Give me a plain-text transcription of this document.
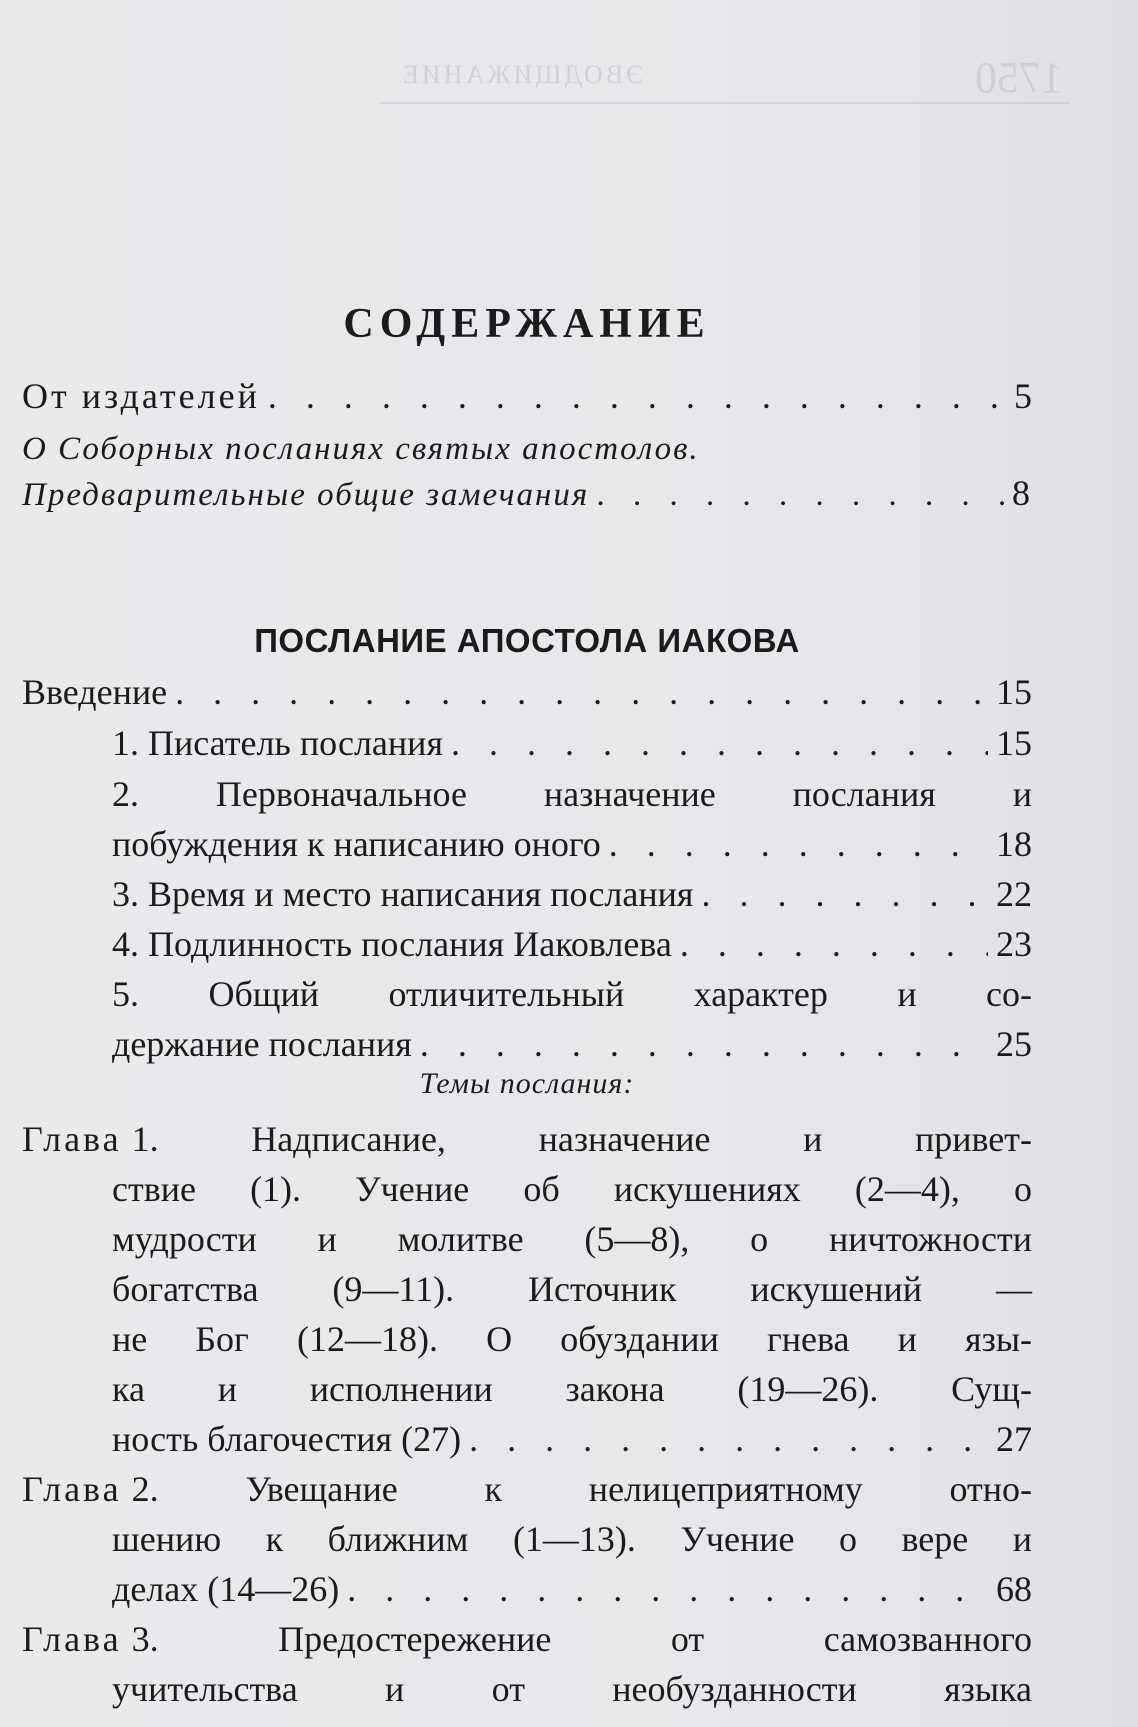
ЭВОДЩИЖАНИЕ	1750
СОДЕРЖАНИЕ
От издателей . . .	5
О Соборных посланиях святых апостолов.
Предварительные общие замечания . . .	8
ПОСЛАНИЕ АПОСТОЛА ИАКОВА
Введение . . .	15
1. Писатель послания . . .	15
2. Первоначальное назначение послания и
побуждения к написанию оного . . .	18
3. Время и место написания послания . . .	22
4. Подлинность послания Иаковлева . . .	23
5. Общий отличительный характер и со-
держание послания . . .	25
Темы послания:
Глава 1. Надписание, назначение и привет-
ствие (1). Учение об искушениях (2—4), о
мудрости и молитве (5—8), о ничтожности
богатства (9—11). Источник искушений —
не Бог (12—18). О обуздании гнева и язы-
ка и исполнении закона (19—26). Сущ-
ность благочестия (27) . . .	27
Глава 2. Увещание к нелицеприятному отно-
шению к ближним (1—13). Учение о вере и
делах (14—26) . . .	68
Глава 3. Предостережение от самозванного
учительства и от необузданности языка
